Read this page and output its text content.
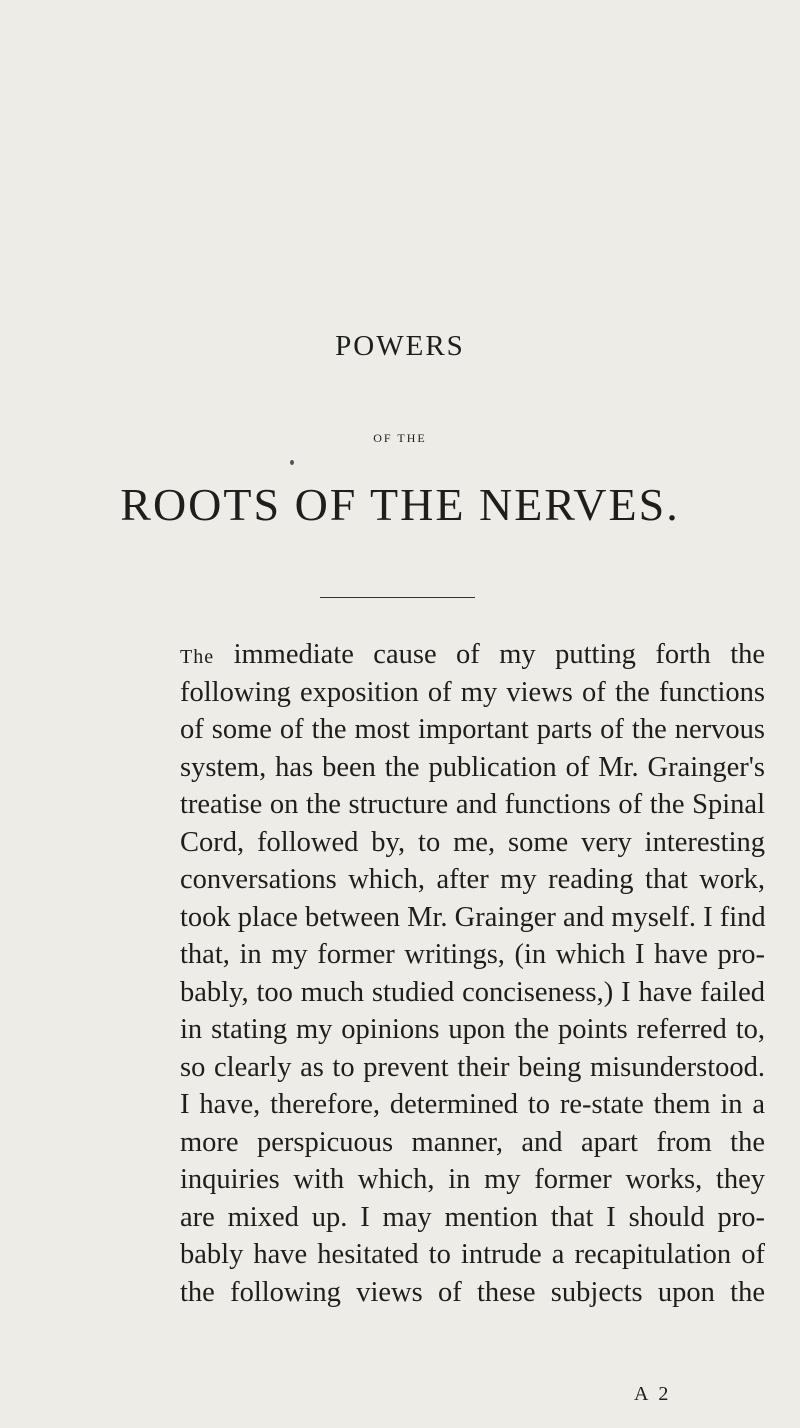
POWERS
OF THE
ROOTS OF THE NERVES.
The immediate cause of my putting forth the
following exposition of my views of the functions
of some of the most important parts of the nervous
system, has been the publication of Mr. Grainger's
treatise on the structure and functions of the Spinal
Cord, followed by, to me, some very interesting
conversations which, after my reading that work,
took place between Mr. Grainger and myself. I find
that, in my former writings, (in which I have pro-
bably, too much studied conciseness,) I have failed
in stating my opinions upon the points referred to,
so clearly as to prevent their being misunderstood.
I have, therefore, determined to re-state them in a
more perspicuous manner, and apart from the
inquiries with which, in my former works, they
are mixed up. I may mention that I should pro-
bably have hesitated to intrude a recapitulation of
the following views of these subjects upon the
A 2
